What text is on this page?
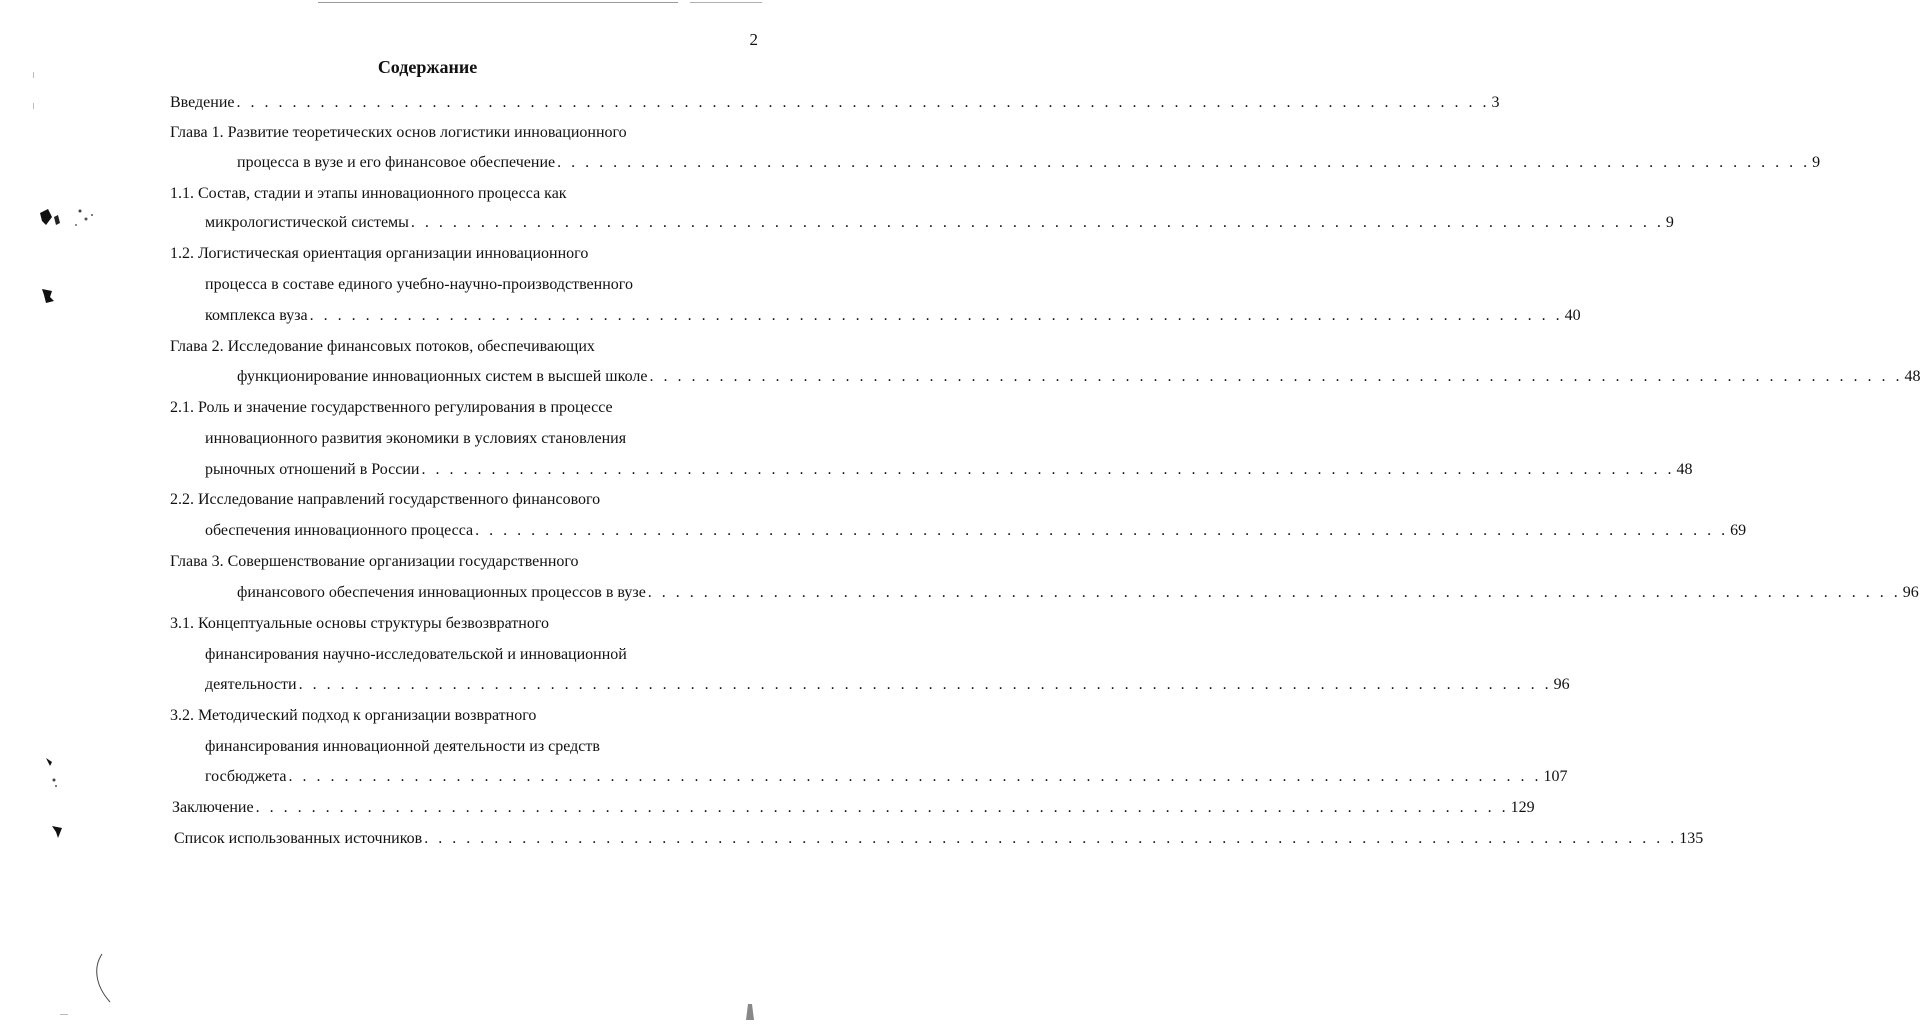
2
Содержание
Введение . . . . . . . . . . . . . . . . . . . . . . . . . . . . . . . . . . . . . . . . . . . . . . . . . . . . . . . . . . . . . . . . . . . . . . . . . . . . . . . . . . . . . . . . . . 3
Глава 1. Развитие теоретических основ логистики инновационного
процесса в вузе и его финансовое обеспечение . . . . . . . . . . . . . . . . . . . . . . . . . . . . . . . . . . . . . . . . . . . . . . . . . . . . . . . . . . . . . . . . . . . . . . . . . . . . . . . . . . . . . . . . . . 9
1.1. Состав, стадии и этапы инновационного процесса как
микрологистической системы . . . . . . . . . . . . . . . . . . . . . . . . . . . . . . . . . . . . . . . . . . . . . . . . . . . . . . . . . . . . . . . . . . . . . . . . . . . . . . . . . . . . . . . . . . 9
1.2. Логистическая ориентация организации инновационного
процесса в составе единого учебно-научно-производственного
комплекса вуза . . . . . . . . . . . . . . . . . . . . . . . . . . . . . . . . . . . . . . . . . . . . . . . . . . . . . . . . . . . . . . . . . . . . . . . . . . . . . . . . . . . . . . . . . . 40
Глава 2. Исследование финансовых потоков, обеспечивающих
функционирование инновационных систем в высшей школе . . . . . . . . . . . . . . . . . . . . . . . . . . . . . . . . . . . . . . . . . . . . . . . . . . . . . . . . . . . . . . . . . . . . . . . . . . . . . . . . . . . . . . . . . . 48
2.1. Роль и значение государственного регулирования в процессе
инновационного развития экономики в условиях становления
рыночных отношений в России . . . . . . . . . . . . . . . . . . . . . . . . . . . . . . . . . . . . . . . . . . . . . . . . . . . . . . . . . . . . . . . . . . . . . . . . . . . . . . . . . . . . . . . . . . 48
2.2. Исследование направлений государственного финансового
обеспечения инновационного процесса . . . . . . . . . . . . . . . . . . . . . . . . . . . . . . . . . . . . . . . . . . . . . . . . . . . . . . . . . . . . . . . . . . . . . . . . . . . . . . . . . . . . . . . . . . 69
Глава 3. Совершенствование организации государственного
финансового обеспечения инновационных процессов в вузе . . . . . . . . . . . . . . . . . . . . . . . . . . . . . . . . . . . . . . . . . . . . . . . . . . . . . . . . . . . . . . . . . . . . . . . . . . . . . . . . . . . . . . . . . . 96
3.1. Концептуальные основы структуры безвозвратного
финансирования научно-исследовательской и инновационной
деятельности . . . . . . . . . . . . . . . . . . . . . . . . . . . . . . . . . . . . . . . . . . . . . . . . . . . . . . . . . . . . . . . . . . . . . . . . . . . . . . . . . . . . . . . . . . 96
3.2. Методический подход к организации возвратного
финансирования инновационной деятельности из средств
госбюджета . . . . . . . . . . . . . . . . . . . . . . . . . . . . . . . . . . . . . . . . . . . . . . . . . . . . . . . . . . . . . . . . . . . . . . . . . . . . . . . . . . . . . . . . . . 107
Заключение . . . . . . . . . . . . . . . . . . . . . . . . . . . . . . . . . . . . . . . . . . . . . . . . . . . . . . . . . . . . . . . . . . . . . . . . . . . . . . . . . . . . . . . . . . 129
Список использованных источников . . . . . . . . . . . . . . . . . . . . . . . . . . . . . . . . . . . . . . . . . . . . . . . . . . . . . . . . . . . . . . . . . . . . . . . . . . . . . . . . . . . . . . . . . . 135
